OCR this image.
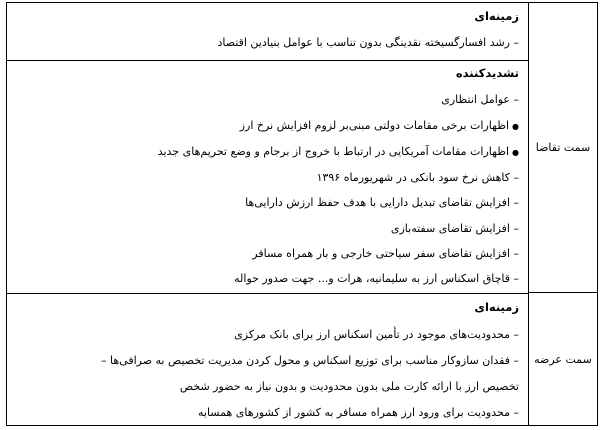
سمت تقاضا
سمت عرضه
زمینه‌ای
– رشد افسارگسیخته نقدینگی بدون تناسب با عوامل بنیادین اقتصاد
تشدیدکننده
– عوامل انتظاری
● اظهارات برخی مقامات دولتی مبنی‌بر لزوم افزایش نرخ ارز
● اظهارات مقامات آمریکایی در ارتباط با خروج از برجام و وضع تحریم‌های جدید
– کاهش نرخ سود بانکی در شهریورماه ۱۳۹۶
– افزایش تقاضای تبدیل دارایی با هدف حفظ ارزش دارایی‌ها
– افزایش تقاضای سفته‌بازی
– افزایش تقاضای سفر سیاحتی خارجی و بار همراه مسافر
– قاچاق اسکناس ارز به سلیمانیه، هرات و... جهت صدور حواله
زمینه‌ای
– محدودیت‌های موجود در تأمین اسکناس ارز برای بانک مرکزی
– فقدان سازوکار مناسب برای توزیع اسکناس و محول کردن مدیریت تخصیص به صرافی‌ها –
تخصیص ارز با ارائه کارت ملی بدون محدودیت و بدون نیاز به حضور شخص
– محدودیت برای ورود ارز همراه مسافر به کشور از کشورهای همسایه
